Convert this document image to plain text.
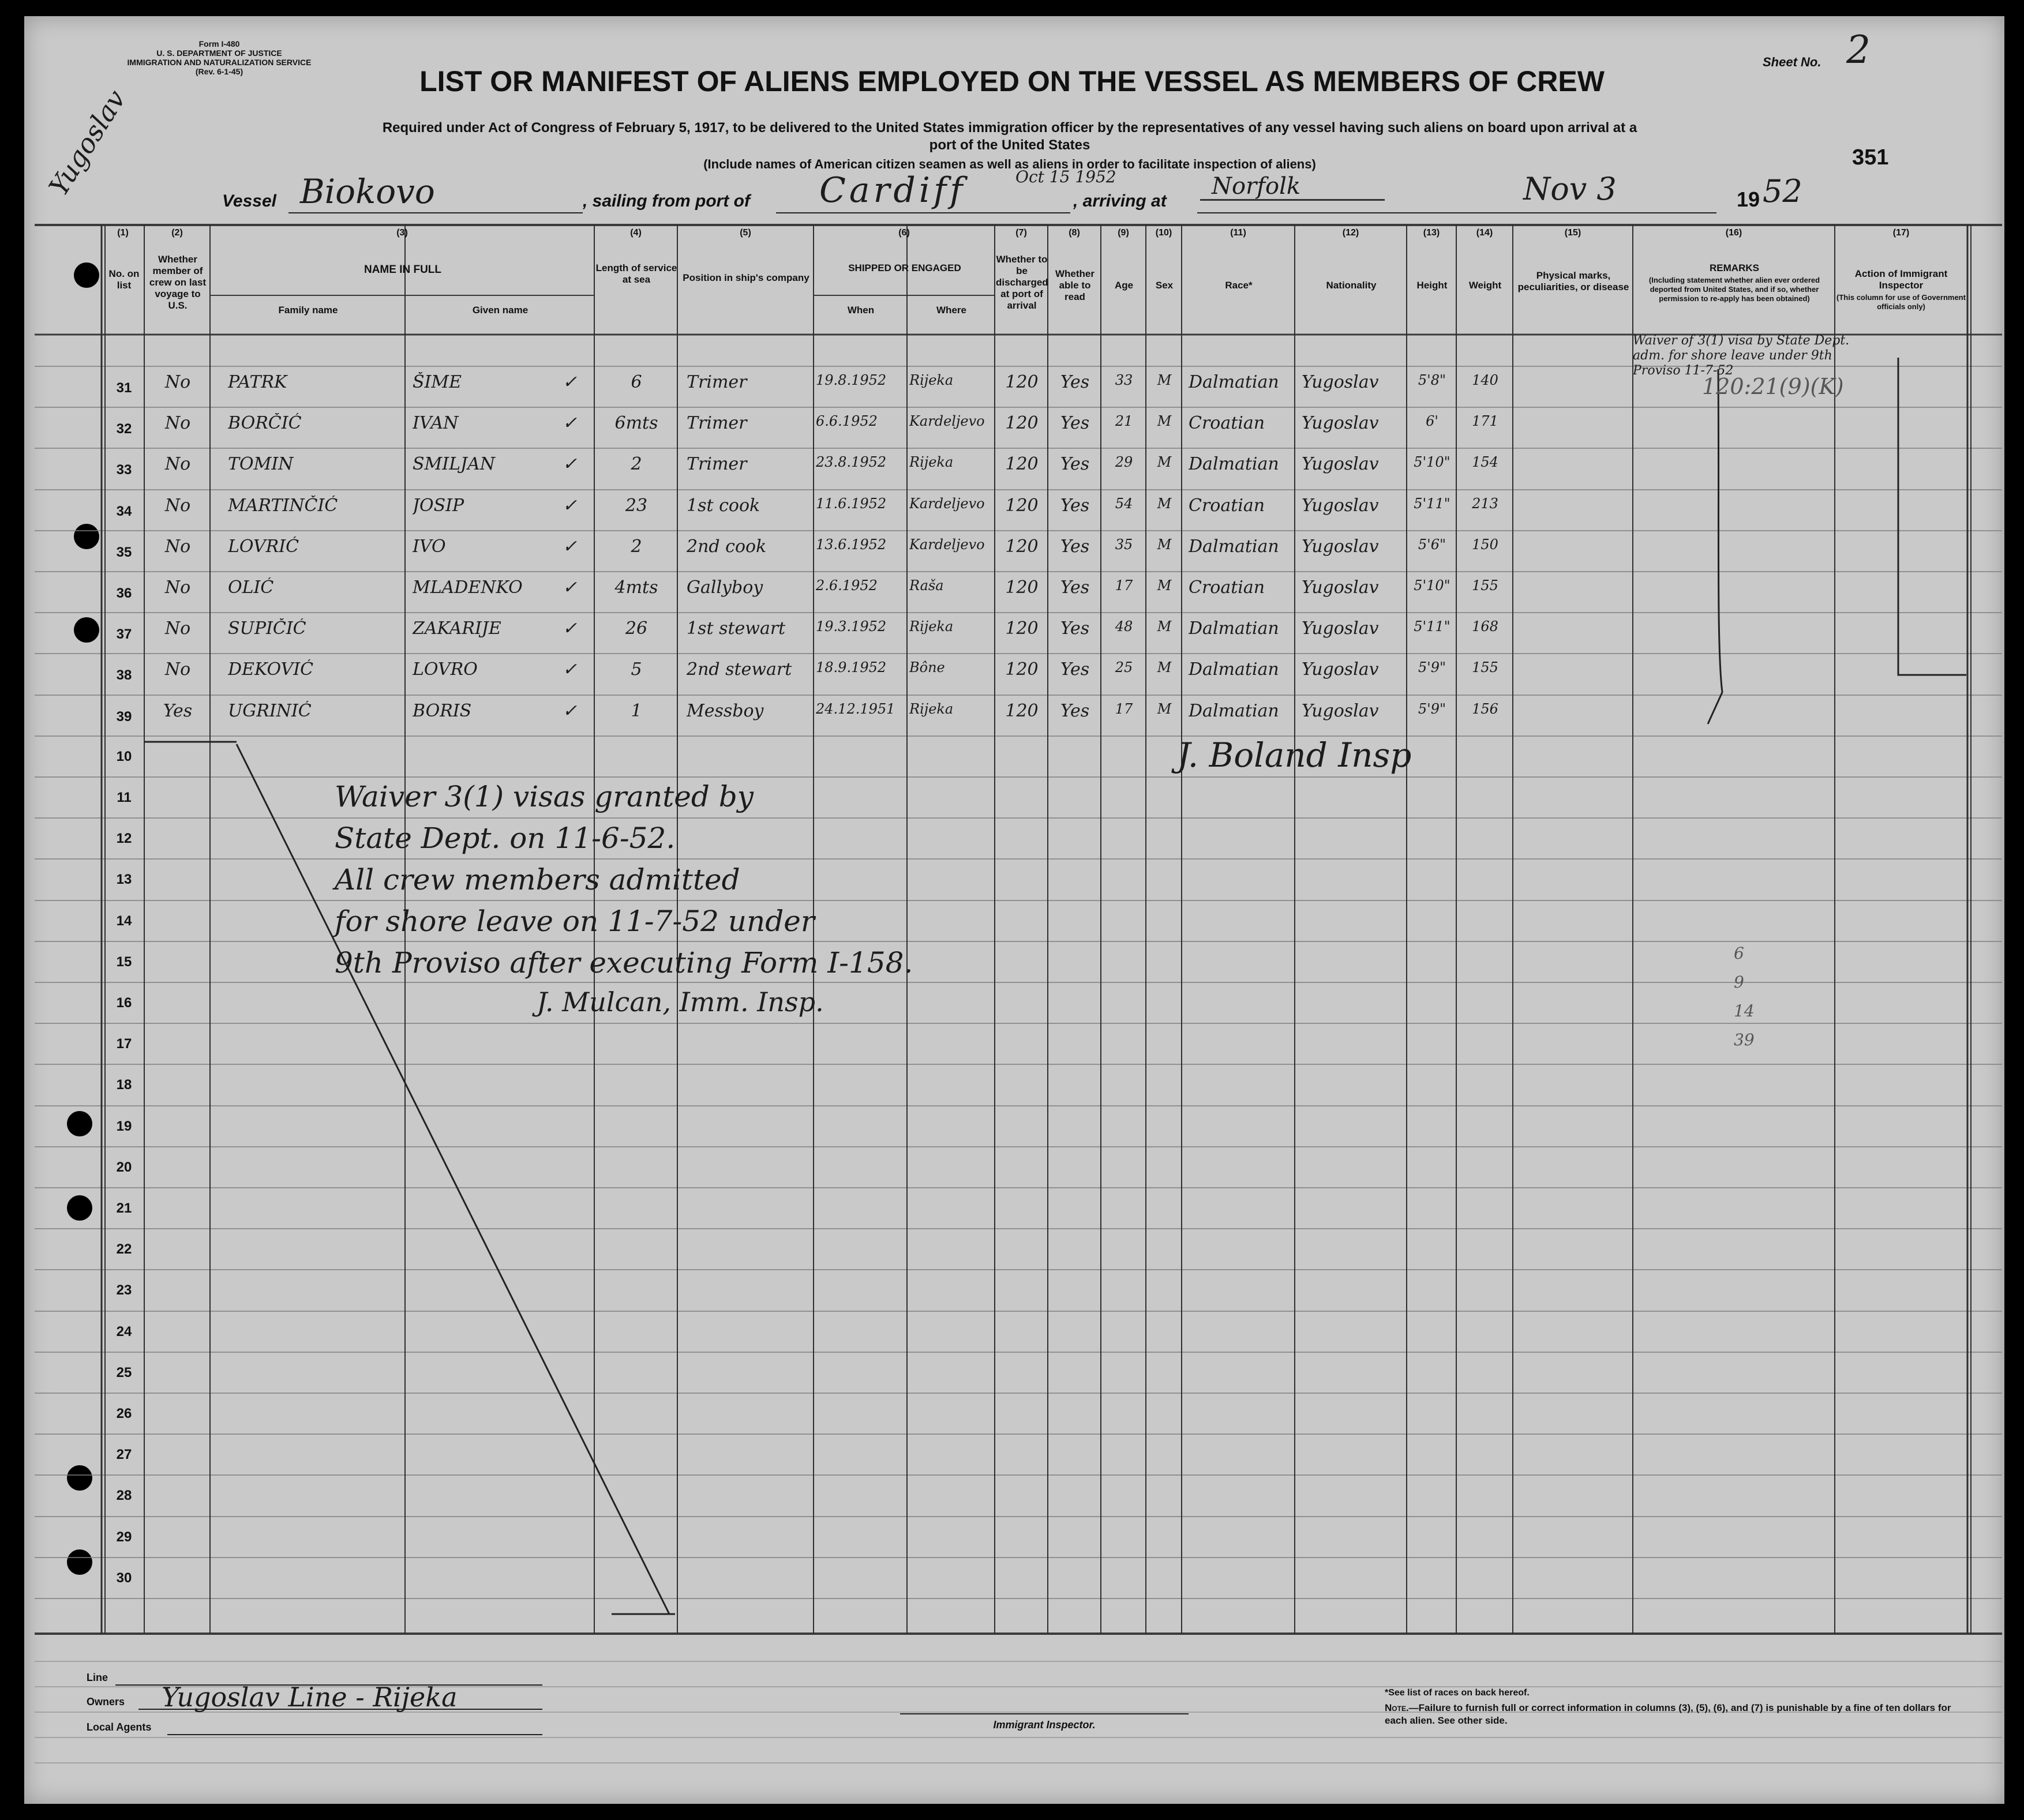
Form I-480
U. S. DEPARTMENT OF JUSTICE
IMMIGRATION AND NATURALIZATION SERVICE
(Rev. 6-1-45)
Sheet No. 2
LIST OR MANIFEST OF ALIENS EMPLOYED ON THE VESSEL AS MEMBERS OF CREW
Required under Act of Congress of February 5, 1917, to be delivered to the United States immigration officer by the representatives of any vessel having such aliens on board upon arrival at a
port of the United States
(Include names of American citizen seamen as well as aliens in order to facilitate inspection of aliens)	351
Yugoslav	Vessel Biokovo	, sailing from port of Cardiff	Oct 15 1952
, arriving at
Norfolk	Nov 3	19 52
(1)	(2)	(3)	(4)	(5)	(6)	(7)	(8)	(9)	(10)	(11)	(12)	(13)	(14)	(15)	(16)	(17)
No. on list
Whether member of crew on last voyage to U.S.
NAME IN FULL
Family name	Given name
Length of service at sea	Position in ship's company
SHIPPED OR ENGAGED
When	Where
Whether to be discharged at port of arrival
Whether able to read
Age	Sex	Race*	Nationality	Height	Weight
Physical marks, peculiarities, or disease
REMARKS
(Including statement whether alien ever ordered deported from United States, and if so, whether permission to re-apply has been obtained)
Action of Immigrant Inspector
(This column for use of Government officials only)
31	No	PATRK	ŠIME	6	Trimer	19.8.1952	Rijeka	120	Yes	33	M Dalmatian	Yugoslav	5'8"	140
✓
32	No	BORČIĆ	IVAN	6mts	Trimer	6.6.1952	Kardeljevo	120	Yes	21	M Croatian	Yugoslav	6'	171
✓
33	No	TOMIN	SMILJAN	2	Trimer	23.8.1952	Rijeka	120	Yes	29	M Dalmatian	Yugoslav	5'10"	154
✓
34	No	MARTINČIĆ	JOSIP	23	1st cook	11.6.1952	Kardeljevo	120	Yes	54	M Croatian	Yugoslav	5'11"	213
✓
35	No	LOVRIĆ	IVO	2	2nd cook	13.6.1952	Kardeljevo	120	Yes	35	M Dalmatian	Yugoslav	5'6"	150
✓
36	No	OLIĆ	MLADENKO	4mts	Gallyboy	2.6.1952	Raša	120	Yes	17	M Croatian	Yugoslav	5'10"	155
✓
37	No	SUPIČIĆ	ZAKARIJE	26	1st stewart	19.3.1952	Rijeka	120	Yes	48	M Dalmatian	Yugoslav	5'11"	168
✓
38	No	DEKOVIĆ	LOVRO	5	2nd stewart	18.9.1952	Bône	120	Yes	25	M Dalmatian	Yugoslav	5'9"	155
✓
39	Yes	UGRINIĆ	BORIS	1	Messboy	24.12.1951	Rijeka	120	Yes	17	M Dalmatian	Yugoslav	5'9"	156
✓
10
11
12
13
14
15
16
17
18
19
20
21
22
23
24
25
26
27
28
29
30
Waiver 3(1) visas granted by
State Dept. on 11-6-52.
All crew members admitted
for shore leave on 11-7-52 under
9th Proviso after executing Form I-158.
J. Mulcan, Imm. Insp.
J. Boland Insp
Waiver of 3(1) visa by State Dept. adm. for shore leave under 9th Proviso 11-7-52
120:21(9)(K)
6
9
14
39
Line
Owners Yugoslav Line - Rijeka
Local Agents	Immigrant Inspector.
*See list of races on back hereof.
Note.—Failure to furnish full or correct information in columns (3), (5), (6), and (7) is punishable by a fine of ten dollars for each alien. See other side.
